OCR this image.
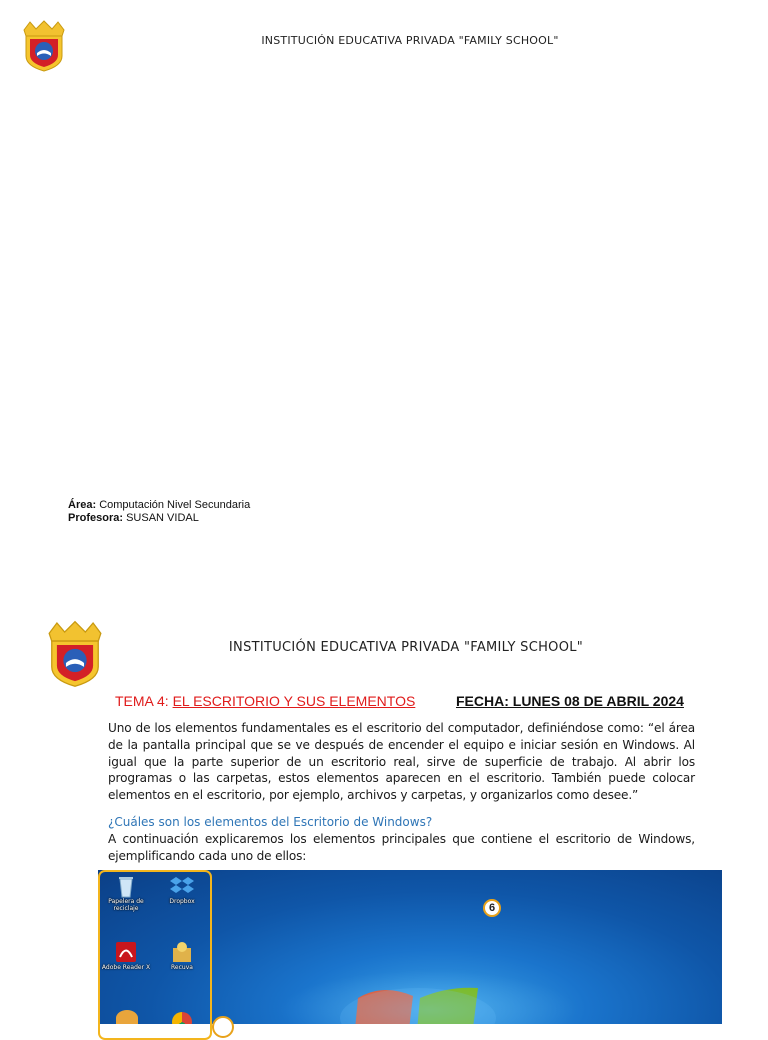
INSTITUCIÓN EDUCATIVA PRIVADA "FAMILY SCHOOL"
Área: Computación Nivel Secundaria
Profesora: SUSAN VIDAL
INSTITUCIÓN EDUCATIVA PRIVADA "FAMILY SCHOOL"
TEMA 4: EL ESCRITORIO Y SUS ELEMENTOS	FECHA: LUNES 08 DE ABRIL 2024
Uno de los elementos fundamentales es el escritorio del computador, definiéndose como: “el área de la pantalla principal que se ve después de encender el equipo e iniciar sesión en Windows. Al igual que la parte superior de un escritorio real, sirve de superficie de trabajo. Al abrir los programas o las carpetas, estos elementos aparecen en el escritorio. También puede colocar elementos en el escritorio, por ejemplo, archivos y carpetas, y organizarlos como desee.”
¿Cuáles son los elementos del Escritorio de Windows?
A continuación explicaremos los elementos principales que contiene el escritorio de Windows, ejemplificando cada uno de ellos:
6
Papelera de reciclaje
Dropbox
Adobe Reader X	Recuva
